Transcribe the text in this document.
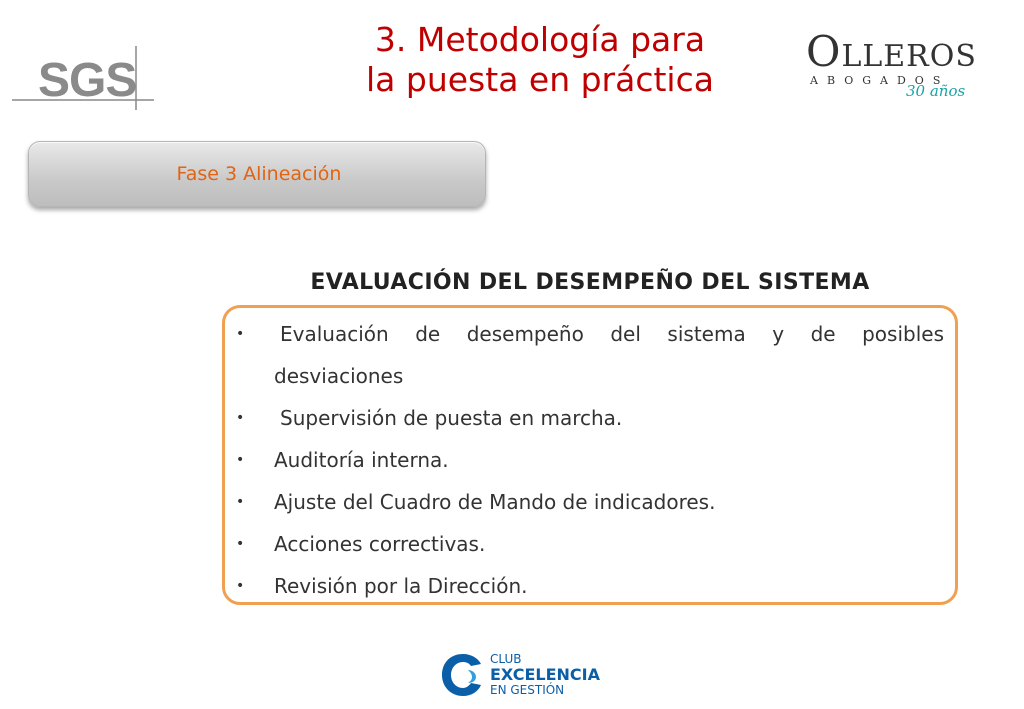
SGS
3. Metodología para
la puesta en práctica
OLLEROS
ABOGADOS
30 años
Fase 3 Alineación
EVALUACIÓN DEL DESEMPEÑO DEL SISTEMA
•	Evaluación de desempeño del sistema y de posibles
desviaciones
•	Supervisión de puesta en marcha.
•	Auditoría interna.
•	Ajuste del Cuadro de Mando de indicadores.
•	Acciones correctivas.
•	Revisión por la Dirección.
CLUB
EXCELENCIA
EN GESTIÓN
